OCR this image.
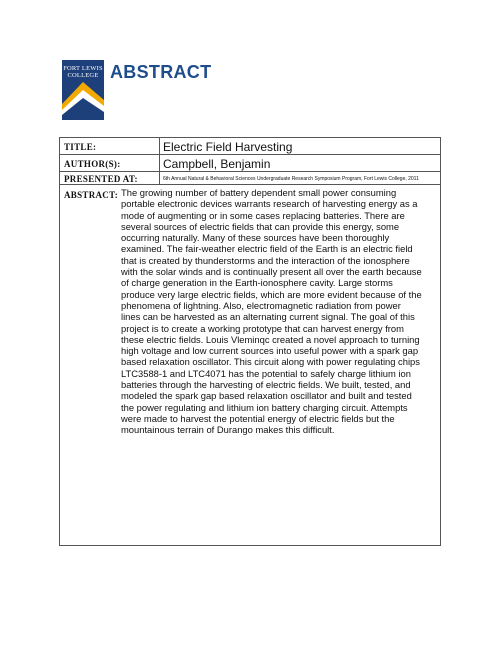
FORT LEWIS
COLLEGE ABSTRACT
TITLE:	Electric Field Harvesting
AUTHOR(S):	Campbell, Benjamin
PRESENTED AT:	6th Annual Natural & Behavioral Sciences Undergraduate Research Symposium Program, Fort Lewis College, 2011
ABSTRACT: The growing number of battery dependent small power consuming
portable electronic devices warrants research of harvesting energy as a
mode of augmenting or in some cases replacing batteries. There are
several sources of electric fields that can provide this energy, some
occurring naturally. Many of these sources have been thoroughly
examined. The fair-weather electric field of the Earth is an electric field
that is created by thunderstorms and the interaction of the ionosphere
with the solar winds and is continually present all over the earth because
of charge generation in the Earth-ionosphere cavity. Large storms
produce very large electric fields, which are more evident because of the
phenomena of lightning. Also, electromagnetic radiation from power
lines can be harvested as an alternating current signal. The goal of this
project is to create a working prototype that can harvest energy from
these electric fields. Louis Vleminqc created a novel approach to turning
high voltage and low current sources into useful power with a spark gap
based relaxation oscillator. This circuit along with power regulating chips
LTC3588-1 and LTC4071 has the potential to safely charge lithium ion
batteries through the harvesting of electric fields. We built, tested, and
modeled the spark gap based relaxation oscillator and built and tested
the power regulating and lithium ion battery charging circuit. Attempts
were made to harvest the potential energy of electric fields but the
mountainous terrain of Durango makes this difficult.
